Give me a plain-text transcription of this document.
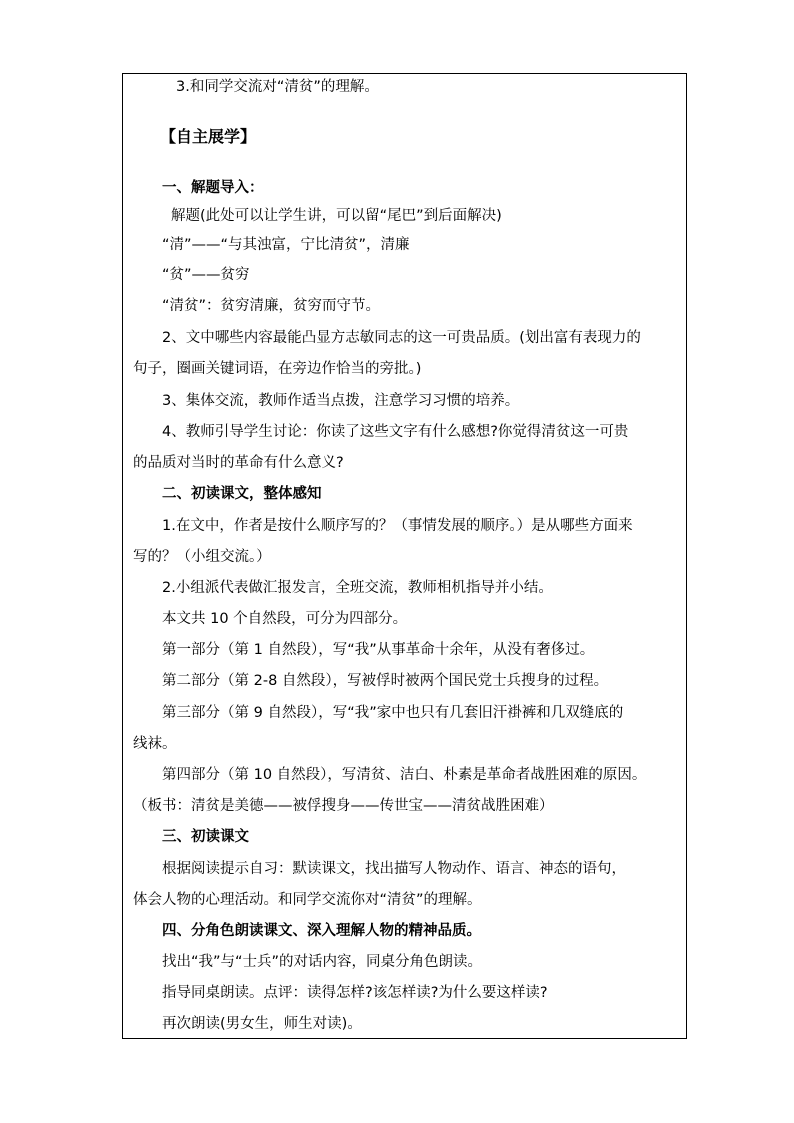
3.和同学交流对“清贫”的理解。
【自主展学】
一、解题导入：
解题(此处可以让学生讲，可以留“尾巴”到后面解决)
“清”——“与其浊富，宁比清贫”，清廉
“贫”——贫穷
“清贫”：贫穷清廉，贫穷而守节。
2、文中哪些内容最能凸显方志敏同志的这一可贵品质。(划出富有表现力的
句子，圈画关键词语，在旁边作恰当的旁批。)
3、集体交流，教师作适当点拨，注意学习习惯的培养。
4、教师引导学生讨论：你读了这些文字有什么感想?你觉得清贫这一可贵
的品质对当时的革命有什么意义?
二、初读课文，整体感知
1.在文中，作者是按什么顺序写的？（事情发展的顺序。）是从哪些方面来
写的？（小组交流。）
2.小组派代表做汇报发言，全班交流，教师相机指导并小结。
本文共 10 个自然段，可分为四部分。
第一部分（第 1 自然段），写“我”从事革命十余年，从没有奢侈过。
第二部分（第 2-8 自然段），写被俘时被两个国民党士兵搜身的过程。
第三部分（第 9 自然段），写“我”家中也只有几套旧汗褂裤和几双缝底的
线袜。
第四部分（第 10 自然段），写清贫、洁白、朴素是革命者战胜困难的原因。
（板书：清贫是美德——被俘搜身——传世宝——清贫战胜困难）
三、初读课文
根据阅读提示自习：默读课文，找出描写人物动作、语言、神态的语句，
体会人物的心理活动。和同学交流你对“清贫”的理解。
四、分角色朗读课文、深入理解人物的精神品质。
找出“我”与“士兵”的对话内容，同桌分角色朗读。
指导同桌朗读。点评：读得怎样?该怎样读?为什么要这样读?
再次朗读(男女生，师生对读)。
